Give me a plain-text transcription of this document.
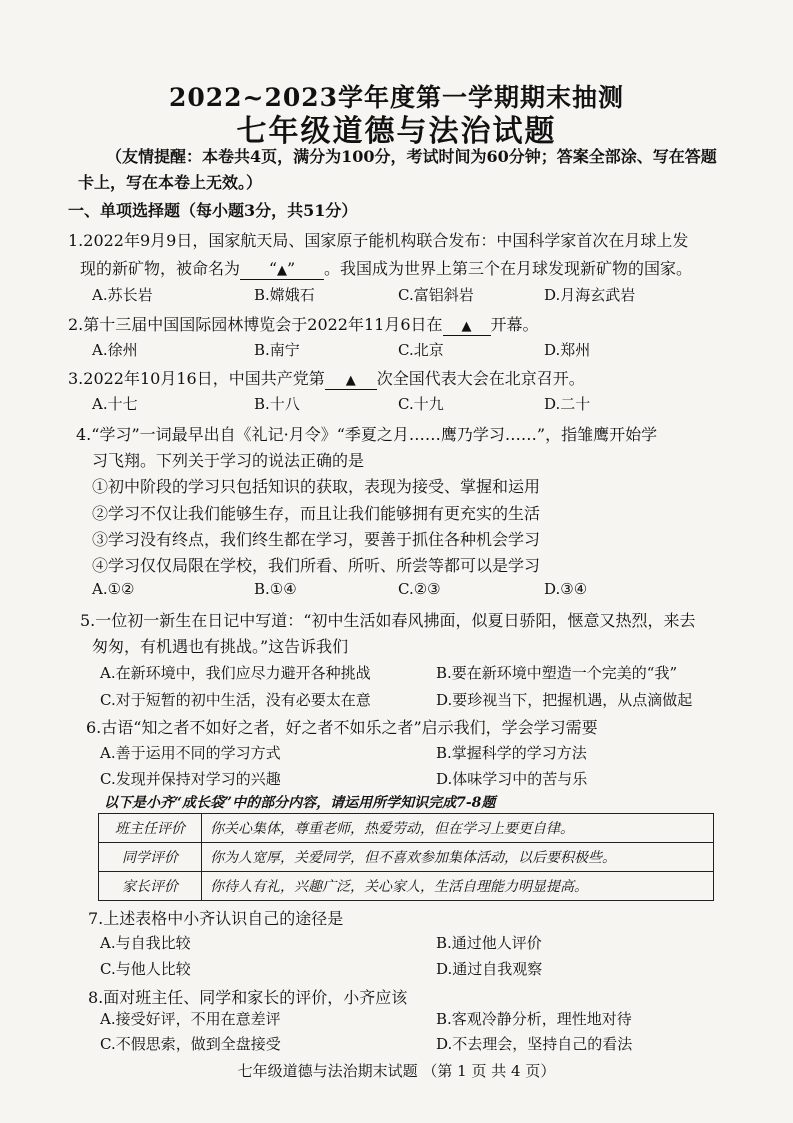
2022~2023学年度第一学期期末抽测
七年级道德与法治试题
（友情提醒：本卷共4页，满分为100分，考试时间为60分钟；答案全部涂、写在答题卡上，写在本卷上无效。）
一、单项选择题（每小题3分，共51分）
1.2022年9月9日，国家航天局、国家原子能机构联合发布：中国科学家首次在月球上发
现的新矿物，被命名为 “▲” 。我国成为世界上第三个在月球发现新矿物的国家。
A.苏长岩	B.嫦娥石	C.富铝斜岩	D.月海玄武岩
2.第十三届中国国际园林博览会于2022年11月6日在 ▲ 开幕。
A.徐州	B.南宁	C.北京	D.郑州
3.2022年10月16日，中国共产党第 ▲ 次全国代表大会在北京召开。
A.十七	B.十八	C.十九	D.二十
4.“学习”一词最早出自《礼记·月令》“季夏之月……鹰乃学习……”，指雏鹰开始学
习飞翔。下列关于学习的说法正确的是
①初中阶段的学习只包括知识的获取，表现为接受、掌握和运用
②学习不仅让我们能够生存，而且让我们能够拥有更充实的生活
③学习没有终点，我们终生都在学习，要善于抓住各种机会学习
④学习仅仅局限在学校，我们所看、所听、所尝等都可以是学习
A.①②	B.①④	C.②③	D.③④
5.一位初一新生在日记中写道：“初中生活如春风拂面，似夏日骄阳，惬意又热烈，来去
匆匆，有机遇也有挑战。”这告诉我们
A.在新环境中，我们应尽力避开各种挑战	B.要在新环境中塑造一个完美的“我”
C.对于短暂的初中生活，没有必要太在意	D.要珍视当下，把握机遇，从点滴做起
6.古语“知之者不如好之者，好之者不如乐之者”启示我们，学会学习需要
A.善于运用不同的学习方式	B.掌握科学的学习方法
C.发现并保持对学习的兴趣	D.体味学习中的苦与乐
以下是小齐“成长袋”中的部分内容，请运用所学知识完成7-8题
班主任评价	你关心集体，尊重老师，热爱劳动，但在学习上要更自律。
同学评价	你为人宽厚，关爱同学，但不喜欢参加集体活动，以后要积极些。
家长评价	你待人有礼，兴趣广泛，关心家人，生活自理能力明显提高。
7.上述表格中小齐认识自己的途径是
A.与自我比较	B.通过他人评价
C.与他人比较	D.通过自我观察
8.面对班主任、同学和家长的评价，小齐应该
A.接受好评，不用在意差评	B.客观冷静分析，理性地对待
C.不假思索，做到全盘接受	D.不去理会，坚持自己的看法
七年级道德与法治期末试题 （第 1 页 共 4 页）
